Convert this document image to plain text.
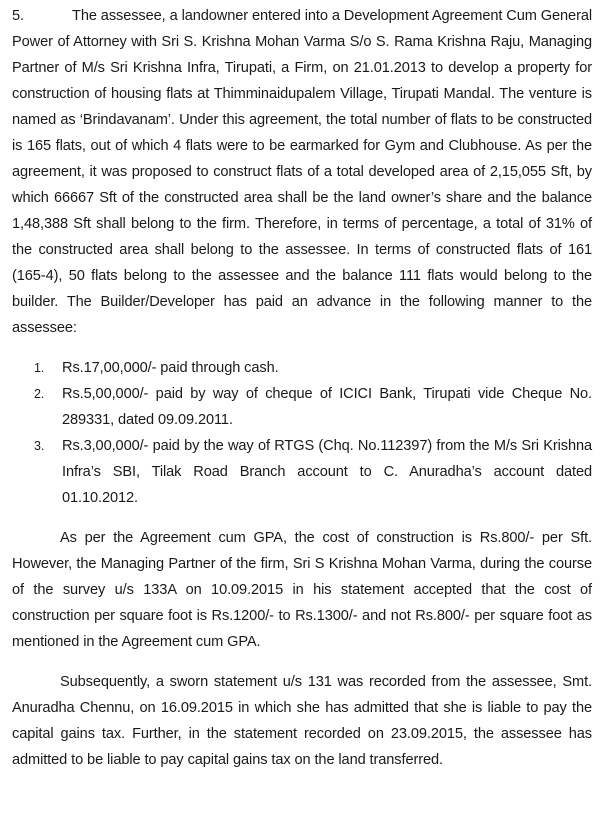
5.	The assessee, a landowner entered into a Development Agreement Cum General Power of Attorney with Sri S. Krishna Mohan Varma S/o S. Rama Krishna Raju, Managing Partner of M/s Sri Krishna Infra, Tirupati, a Firm, on 21.01.2013 to develop a property for construction of housing flats at Thimminaidupalem Village, Tirupati Mandal. The venture is named as ‘Brindavanam’. Under this agreement, the total number of flats to be constructed is 165 flats, out of which 4 flats were to be earmarked for Gym and Clubhouse. As per the agreement, it was proposed to construct flats of a total developed area of 2,15,055 Sft, by which 66667 Sft of the constructed area shall be the land owner’s share and the balance 1,48,388 Sft shall belong to the firm. Therefore, in terms of percentage, a total of 31% of the constructed area shall belong to the assessee. In terms of constructed flats of 161 (165-4), 50 flats belong to the assessee and the balance 111 flats would belong to the builder. The Builder/Developer has paid an advance in the following manner to the assessee:

1. Rs.17,00,000/- paid through cash.
2. Rs.5,00,000/- paid by way of cheque of ICICI Bank, Tirupati vide Cheque No. 289331, dated 09.09.2011.
3. Rs.3,00,000/- paid by the way of RTGS (Chq. No.112397) from the M/s Sri Krishna Infra’s SBI, Tilak Road Branch account to C. Anuradha’s account dated 01.10.2012.

As per the Agreement cum GPA, the cost of construction is Rs.800/- per Sft. However, the Managing Partner of the firm, Sri S Krishna Mohan Varma, during the course of the survey u/s 133A on 10.09.2015 in his statement accepted that the cost of construction per square foot is Rs.1200/- to Rs.1300/- and not Rs.800/- per square foot as mentioned in the Agreement cum GPA.

Subsequently, a sworn statement u/s 131 was recorded from the assessee, Smt. Anuradha Chennu, on 16.09.2015 in which she has admitted that she is liable to pay the capital gains tax. Further, in the statement recorded on 23.09.2015, the assessee has admitted to be liable to pay capital gains tax on the land transferred.
